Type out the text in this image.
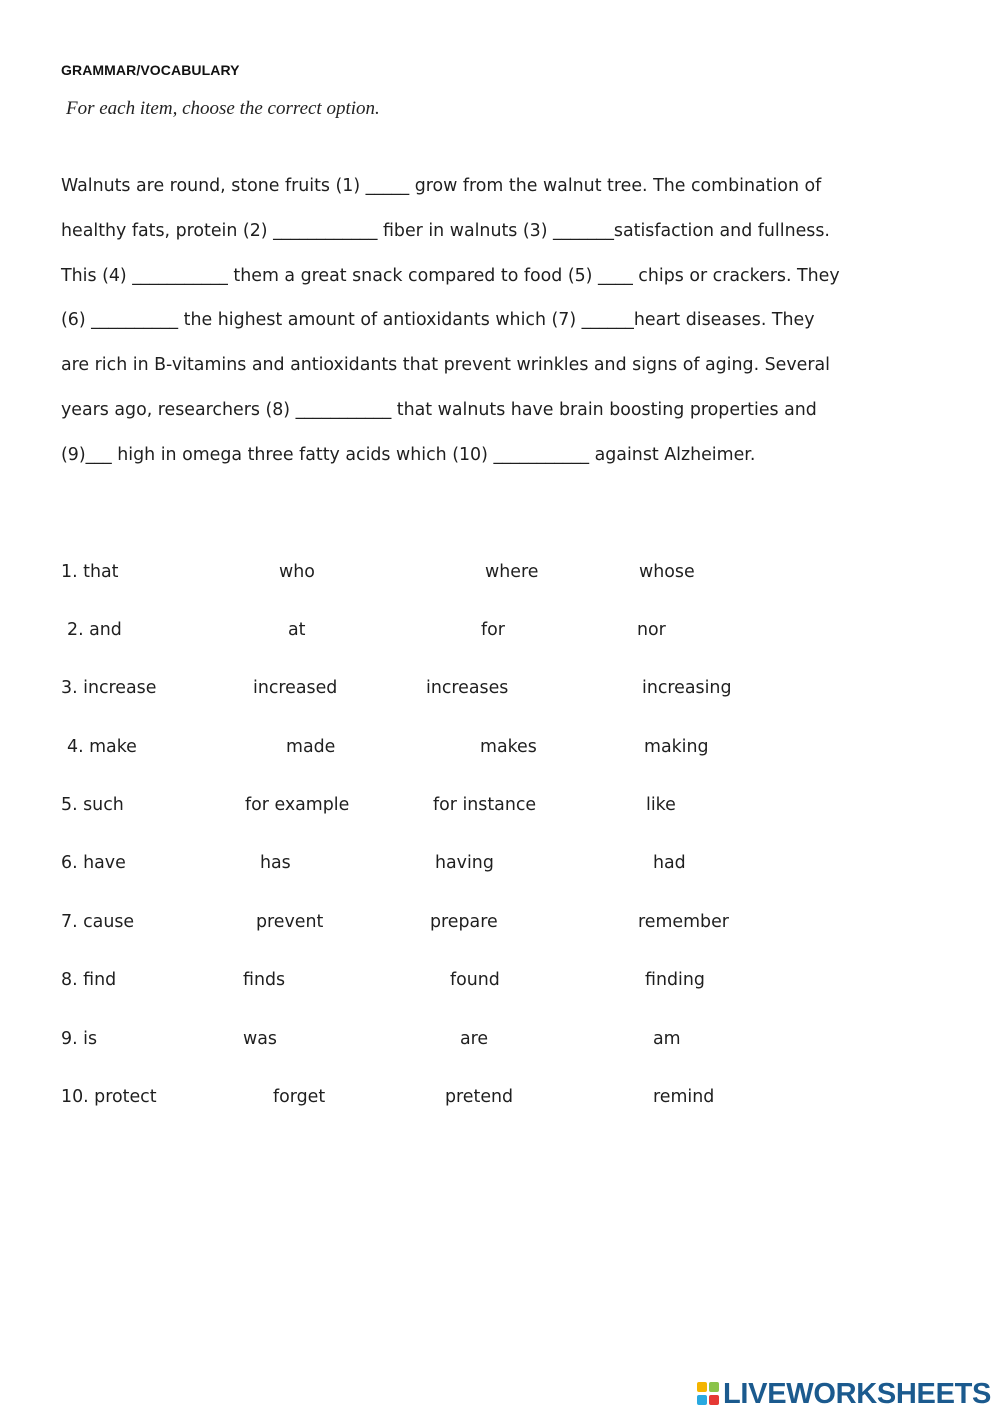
GRAMMAR/VOCABULARY
For each item, choose the correct option.
Walnuts are round, stone fruits (1) _____ grow from the walnut tree. The combination of
healthy fats, protein (2) ____________ fiber in walnuts (3) _______satisfaction and fullness.
This (4) ___________ them a great snack compared to food (5) ____ chips or crackers. They
(6) __________ the highest amount of antioxidants which (7) ______heart diseases. They
are rich in B-vitamins and antioxidants that prevent wrinkles and signs of aging. Several
years ago, researchers (8) ___________ that walnuts have brain boosting properties and
(9)___ high in omega three fatty acids which (10) ___________ against Alzheimer.
1. that	who	where	whose
2. and	at	for	nor
3. increase	increased	increases	increasing
4. make	made	makes	making
5. such	for example	for instance	like
6. have	has	having	had
7. cause	prevent	prepare	remember
8. find	finds	found	finding
9. is	was	are	am
10. protect	forget	pretend	remind
LIVEWORKSHEETS
